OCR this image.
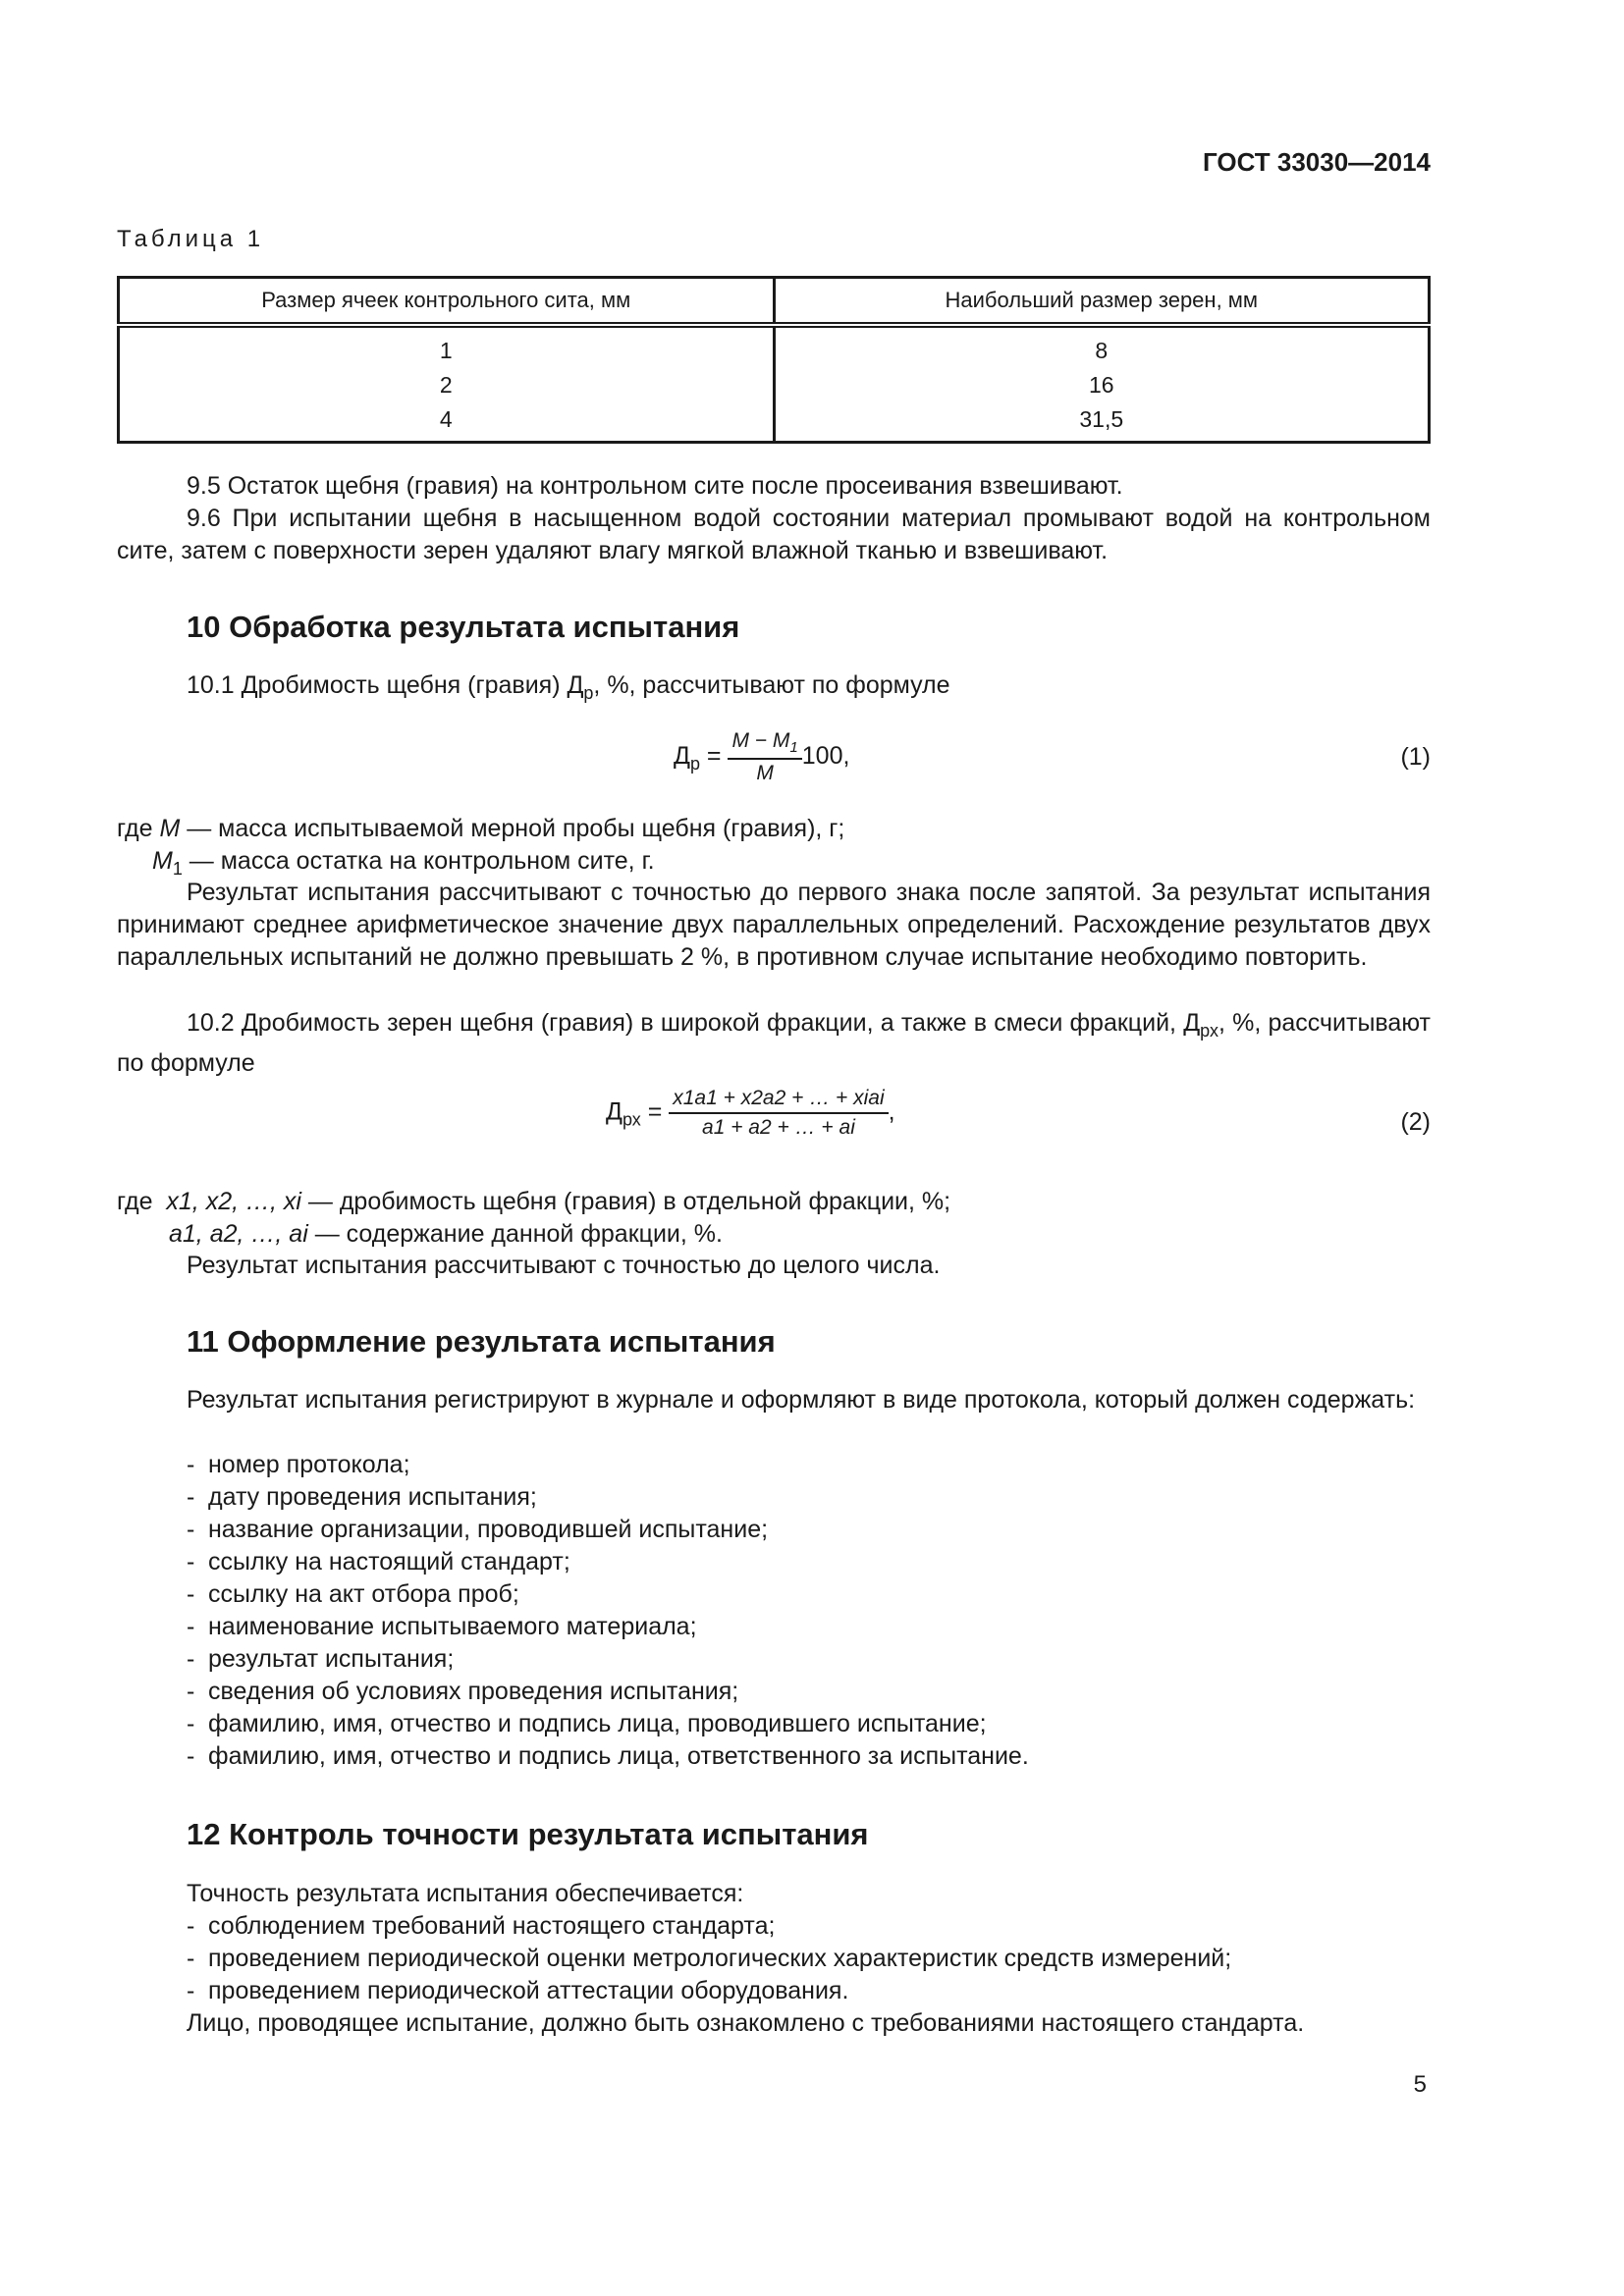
ГОСТ 33030—2014
Таблица 1
Размер ячеек контрольного сита, мм	Наибольший размер зерен, мм
1	8
2	16
4	31,5
9.5 Остаток щебня (гравия) на контрольном сите после просеивания взвешивают.
9.6 При испытании щебня в насыщенном водой состоянии материал промывают водой на контрольном сите, затем с поверхности зерен удаляют влагу мягкой влажной тканью и взвешивают.
10 Обработка результата испытания
10.1 Дробимость щебня (гравия) $Д_р$, %, рассчитывают по формуле
$Д_р = \frac{M - M_1}{M} 100$,	(1)
где M — масса испытываемой мерной пробы щебня (гравия), г;
$M_1$ — масса остатка на контрольном сите, г.
Результат испытания рассчитывают с точностью до первого знака после запятой. За результат испытания принимают среднее арифметическое значение двух параллельных определений. Расхождение результатов двух параллельных испытаний не должно превышать 2 %, в противном случае испытание необходимо повторить.
10.2 Дробимость зерен щебня (гравия) в широкой фракции, а также в смеси фракций, $Д_{рх}$, %, рассчитывают по формуле
$Д_{рх} = \frac{\text{x1a1 + x2a2 + … + xiai}}{a1 + a2 + \dots + ai}$ ,	(2)
где x1, x2, …, xi — дробимость щебня (гравия) в отдельной фракции, %;
a1, a2, …, ai — содержание данной фракции, %.
Результат испытания рассчитывают с точностью до целого числа.
11 Оформление результата испытания
Результат испытания регистрируют в журнале и оформляют в виде протокола, который должен содержать:
- номер протокола;
- дату проведения испытания;
- название организации, проводившей испытание;
- ссылку на настоящий стандарт;
- ссылку на акт отбора проб;
- наименование испытываемого материала;
- результат испытания;
- сведения об условиях проведения испытания;
- фамилию, имя, отчество и подпись лица, проводившего испытание;
- фамилию, имя, отчество и подпись лица, ответственного за испытание.
12 Контроль точности результата испытания
Точность результата испытания обеспечивается:
- соблюдением требований настоящего стандарта;
- проведением периодической оценки метрологических характеристик средств измерений;
- проведением периодической аттестации оборудования.
Лицо, проводящее испытание, должно быть ознакомлено с требованиями настоящего стандарта.
5
